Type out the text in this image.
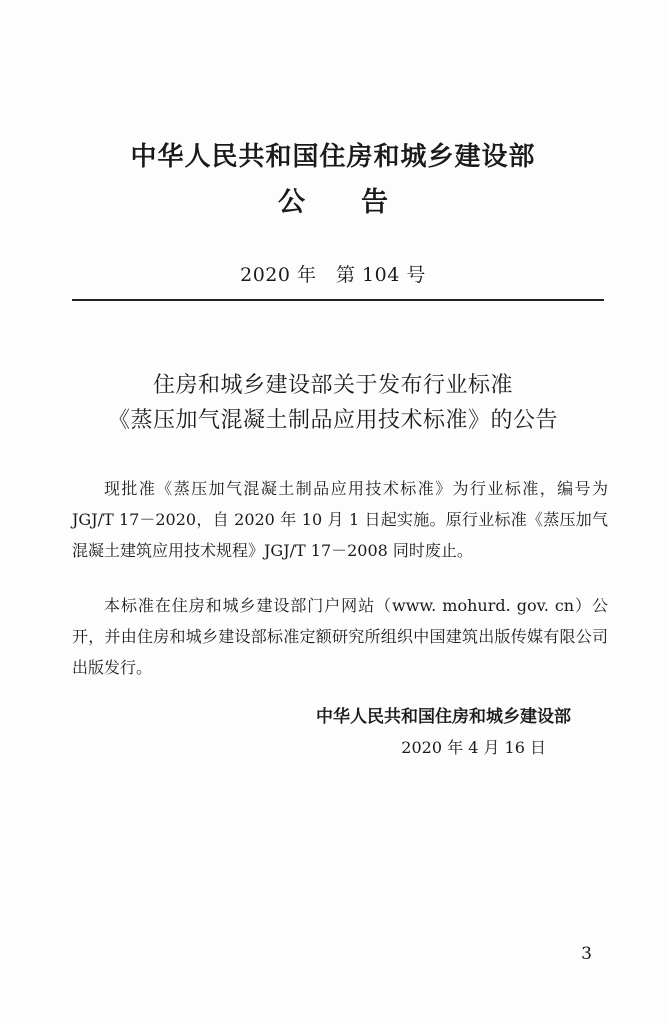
中华人民共和国住房和城乡建设部
公告
2020 年　第 104 号
住房和城乡建设部关于发布行业标准
《蒸压加气混凝土制品应用技术标准》的公告

现批准《蒸压加气混凝土制品应用技术标准》为行业标准，编号为 JGJ/T 17－2020，自 2020 年 10 月 1 日起实施。原行业标准《蒸压加气混凝土建筑应用技术规程》JGJ/T 17－2008 同时废止。

本标准在住房和城乡建设部门户网站（www. mohurd. gov. cn）公开，并由住房和城乡建设部标准定额研究所组织中国建筑出版传媒有限公司出版发行。

中华人民共和国住房和城乡建设部
2020 年 4 月 16 日
3
